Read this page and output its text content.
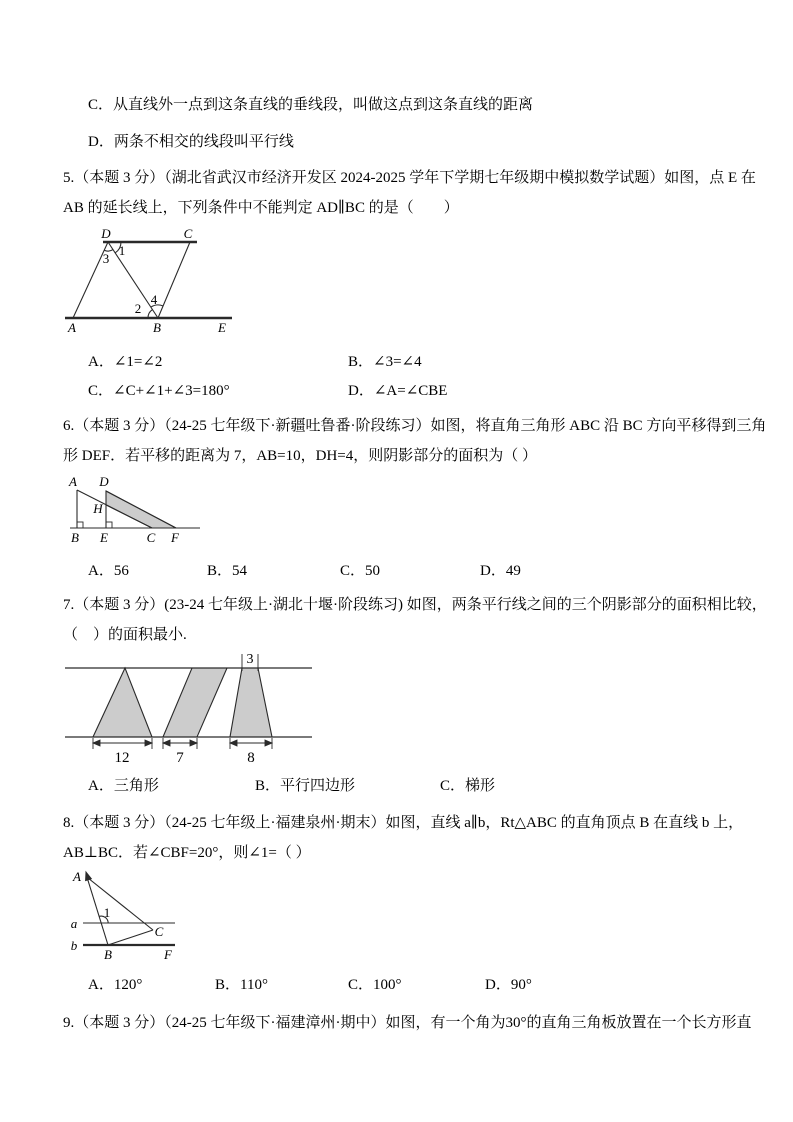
C．从直线外一点到这条直线的垂线段，叫做这点到这条直线的距离
D．两条不相交的线段叫平行线
5.（本题 3 分）（湖北省武汉市经济开发区 2024-2025 学年下学期七年级期中模拟数学试题）如图，点 E 在
AB 的延长线上，下列条件中不能判定 AD∥BC 的是（　　）
D	C
A	B	E
1
3
4
2
A．∠1=∠2	B．∠3=∠4
C．∠C+∠1+∠3=180°	D．∠A=∠CBE
6.（本题 3 分）（24-25 七年级下·新疆吐鲁番·阶段练习）如图，将直角三角形 ABC 沿 BC 方向平移得到三角
形 DEF．若平移的距离为 7，AB=10，DH=4，则阴影部分的面积为（ ）
A D
H
B E	C F
A．56	B．54	C．50	D．49
7.（本题 3 分）(23-24 七年级上·湖北十堰·阶段练习) 如图，两条平行线之间的三个阴影部分的面积相比较，
（　）的面积最小.
12	7	8
3
A．三角形	B．平行四边形	C．梯形
8.（本题 3 分）（24-25 七年级上·福建泉州·期末）如图，直线 a∥b，Rt△ABC 的直角顶点 B 在直线 b 上，
AB⊥BC．若∠CBF=20°，则∠1=（ ）
A
a
b
B
C
F
1
A．120°	B．110°	C．100°	D．90°
9.（本题 3 分）（24-25 七年级下·福建漳州·期中）如图，有一个角为30°的直角三角板放置在一个长方形直
